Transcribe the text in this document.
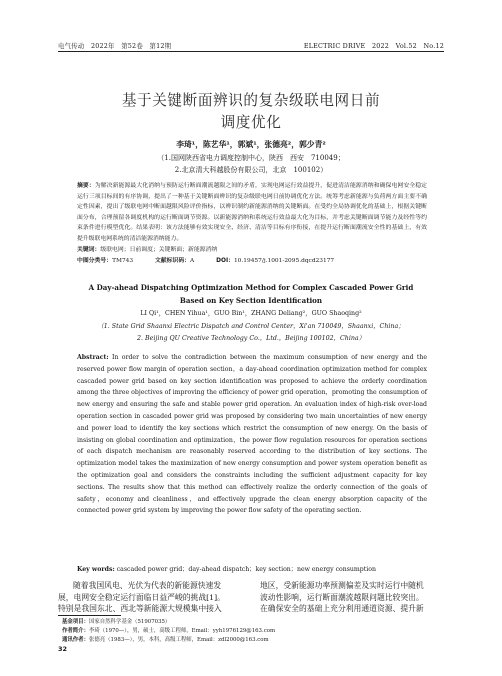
电气传动　2022年　第52卷　第12期	ELECTRIC DRIVE　2022　Vol.52　No.12
基于关键断面辨识的复杂级联电网日前
调度优化
李琦¹，陈艺华¹，郭斌¹，张德亮²，郭少青²
（1.国网陕西省电力调度控制中心，陕西　西安　710049；
2.北京清大科越股份有限公司，北京　100102）
摘要：为解决新能源最大化消纳与预防运行断面潮流越限之间的矛盾，实现电网运行效益提升，促进清洁能源消纳和确保电网安全稳定运行三项目标间的有序协调，提出了一种基于关键断面辨识的复杂级联电网日前协调优化方法。统筹考虑新能源与负荷两方面主要不确定性因素，提出了级联电网中断面越限风险评价指标，以辨识制约新能源消纳的关键断面。在受约全局协调优化的基础上，根据关键断面分布，合理预留各调度机构的运行断面调节资源。以新能源消纳和系统运行效益最大化为目标，并考虑关键断面调节能力及经性等约束条件进行模型优化。结果表明：该方法能够有效实现安全、经济、清洁等目标有序衔接，在提升运行断面潮流安全性的基础上，有效提升级联电网系统的清洁能源消纳能力。
关键词：级联电网；日前调度；关键断面；新能源消纳
中图分类号：TM743	文献标识码：A	DOI：10.19457/j.1001-2095.dqcd23177
A Day-ahead Dispatching Optimization Method for Complex Cascaded Power Grid
Based on Key Section Identification
LI Qi¹，CHEN Yihua¹，GUO Bin¹，ZHANG Deliang²，GUO Shaoqing²
（1. State Grid Shaanxi Electric Dispatch and Control Center，Xi'an 710049，Shaanxi，China；
2. Beijing QU Creative Technology Co.，Ltd.，Beijing 100102，China）
Abstract: In order to solve the contradiction between the maximum consumption of new energy and the reserved power flow margin of operation section，a day-ahead coordination optimization method for complex cascaded power grid based on key section identification was proposed to achieve the orderly coordination among the three objectives of improving the efficiency of power grid operation，promoting the consumption of new energy and ensuring the safe and stable power grid operation. An evaluation index of high-risk over-load operation section in cascaded power grid was proposed by considering two main uncertainties of new energy and power load to identify the key sections which restrict the consumption of new energy. On the basis of insisting on global coordination and optimization，the power flow regulation resources for operation sections of each dispatch mechanism are reasonably reserved according to the distribution of key sections. The optimization model takes the maximization of new energy consumption and power system operation benefit as the optimization goal and considers the constraints including the sufficient adjustment capacity for key sections. The results show that this method can effectively realize the orderly connection of the goals of safety，economy and cleanliness，and effectively upgrade the clean energy absorption capacity of the connected power grid system by improving the power flow safety of the operating section.
Key words: cascaded power grid；day-ahead dispatch；key section；new energy consumption
随着我国风电、光伏为代表的新能源快速发
展，电网安全稳定运行面临日益严峻的挑战[1]。
特别是我国东北、西北等新能源大规模集中接入
地区，受新能源功率预测偏差及实时运行中随机
波动性影响，运行断面潮流越限问题比较突出。
在确保安全的基础上充分利用通道资源、提升新
基金项目：国家自然科学基金（51907035）
作者简介：李琦（1970—），男，硕士，高级工程师，Email：yyh1976129@163.com
通讯作者：张德亮（1983—），男，本科，高级工程师，Email：zdl2000@163.com
32
